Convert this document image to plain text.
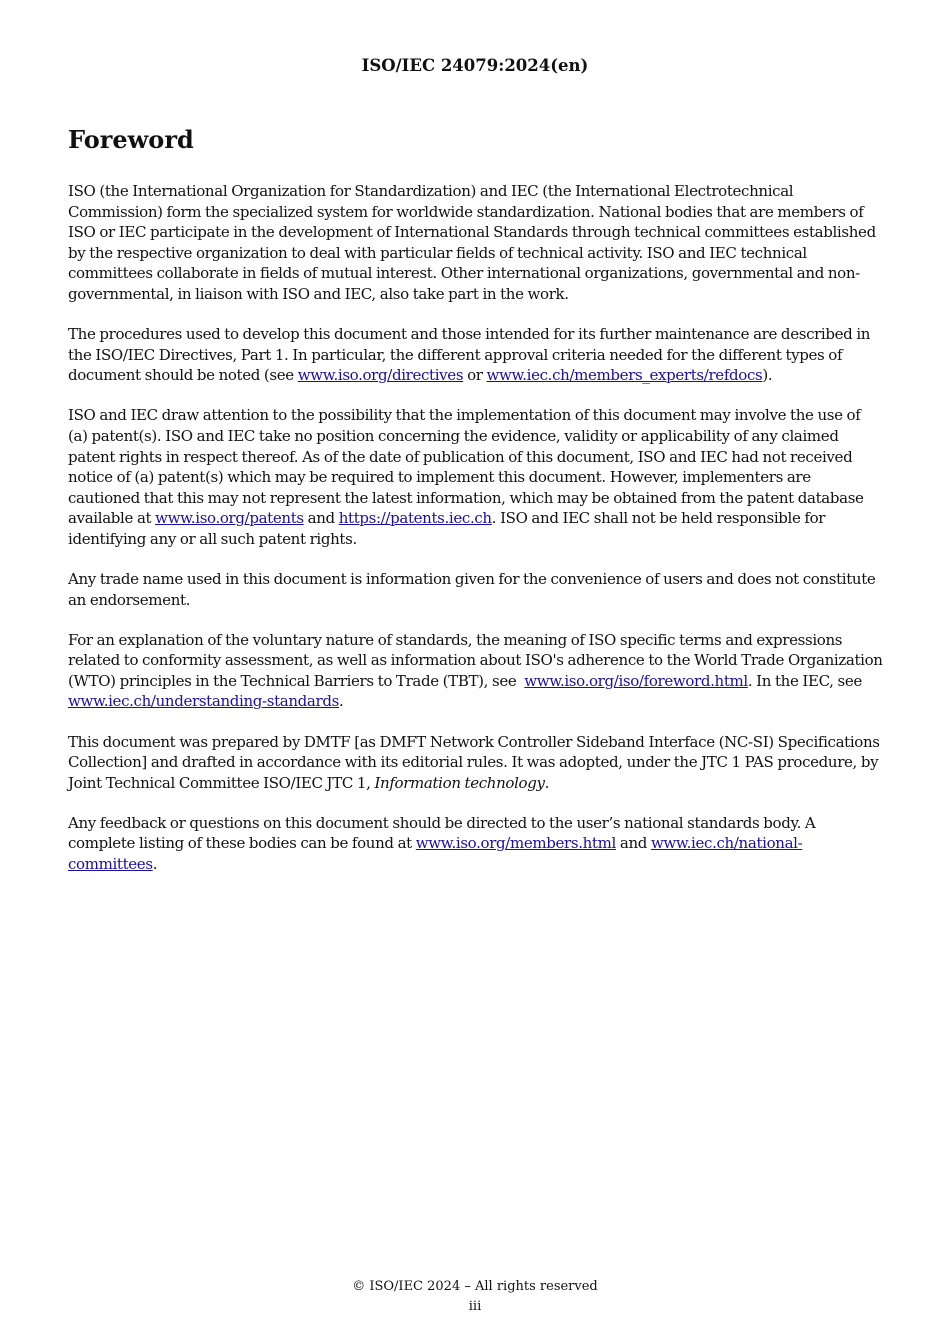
ISO/IEC 24079:2024(en)
Foreword

ISO (the International Organization for Standardization) and IEC (the International Electrotechnical Commission) form the specialized system for worldwide standardization. National bodies that are members of ISO or IEC participate in the development of International Standards through technical committees established by the respective organization to deal with particular fields of technical activity. ISO and IEC technical committees collaborate in fields of mutual interest. Other international organizations, governmental and non-governmental, in liaison with ISO and IEC, also take part in the work.

The procedures used to develop this document and those intended for its further maintenance are described in the ISO/IEC Directives, Part 1. In particular, the different approval criteria needed for the different types of document should be noted (see www.iso.org/directives or www.iec.ch/members_experts/refdocs).

ISO and IEC draw attention to the possibility that the implementation of this document may involve the use of (a) patent(s). ISO and IEC take no position concerning the evidence, validity or applicability of any claimed patent rights in respect thereof. As of the date of publication of this document, ISO and IEC had not received notice of (a) patent(s) which may be required to implement this document. However, implementers are cautioned that this may not represent the latest information, which may be obtained from the patent database available at www.iso.org/patents and https://patents.iec.ch. ISO and IEC shall not be held responsible for identifying any or all such patent rights.

Any trade name used in this document is information given for the convenience of users and does not constitute an endorsement.

For an explanation of the voluntary nature of standards, the meaning of ISO specific terms and expressions related to conformity assessment, as well as information about ISO's adherence to the World Trade Organization (WTO) principles in the Technical Barriers to Trade (TBT), see  www.iso.org/iso/foreword.html. In the IEC, see www.iec.ch/understanding-standards.

This document was prepared by DMTF [as DMFT Network Controller Sideband Interface (NC-SI) Specifications Collection] and drafted in accordance with its editorial rules. It was adopted, under the JTC 1 PAS procedure, by Joint Technical Committee ISO/IEC JTC 1, Information technology.

Any feedback or questions on this document should be directed to the user’s national standards body. A complete listing of these bodies can be found at www.iso.org/members.html and www.iec.ch/national-committees.

© ISO/IEC 2024 – All rights reserved
iii
